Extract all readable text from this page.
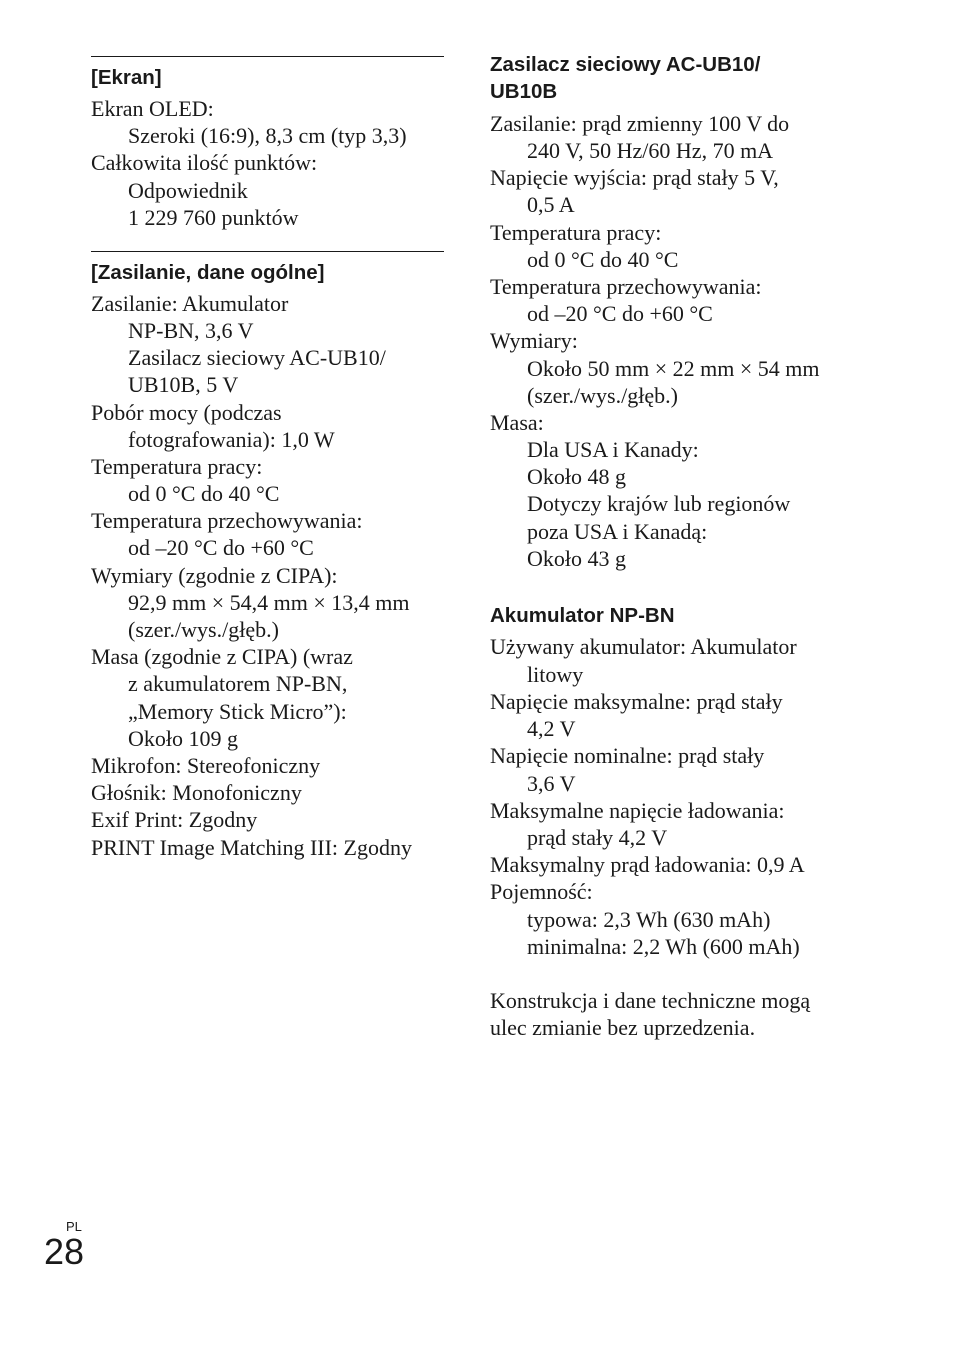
[Ekran]
Ekran OLED:
Szeroki (16:9), 8,3 cm (typ 3,3)
Całkowita ilość punktów:
Odpowiednik
1 229 760 punktów
[Zasilanie, dane ogólne]
Zasilanie: Akumulator
NP-BN, 3,6 V
Zasilacz sieciowy AC-UB10/
UB10B, 5 V
Pobór mocy (podczas
fotografowania): 1,0 W
Temperatura pracy:
od 0 °C do 40 °C
Temperatura przechowywania:
od –20 °C do +60 °C
Wymiary (zgodnie z CIPA):
92,9 mm × 54,4 mm × 13,4 mm
(szer./wys./głęb.)
Masa (zgodnie z CIPA) (wraz
z akumulatorem NP-BN,
„Memory Stick Micro”):
Około 109 g
Mikrofon: Stereofoniczny
Głośnik: Monofoniczny
Exif Print: Zgodny
PRINT Image Matching III: Zgodny
Zasilacz sieciowy AC-UB10/
UB10B
Zasilanie: prąd zmienny 100 V do
240 V, 50 Hz/60 Hz, 70 mA
Napięcie wyjścia: prąd stały 5 V,
0,5 A
Temperatura pracy:
od 0 °C do 40 °C
Temperatura przechowywania:
od –20 °C do +60 °C
Wymiary:
Około 50 mm × 22 mm × 54 mm
(szer./wys./głęb.)
Masa:
Dla USA i Kanady:
Około 48 g
Dotyczy krajów lub regionów
poza USA i Kanadą:
Około 43 g
Akumulator NP-BN
Używany akumulator: Akumulator
litowy
Napięcie maksymalne: prąd stały
4,2 V
Napięcie nominalne: prąd stały
3,6 V
Maksymalne napięcie ładowania:
prąd stały 4,2 V
Maksymalny prąd ładowania: 0,9 A
Pojemność:
typowa: 2,3 Wh (630 mAh)
minimalna: 2,2 Wh (600 mAh)
Konstrukcja i dane techniczne mogą
ulec zmianie bez uprzedzenia.
PL
28
